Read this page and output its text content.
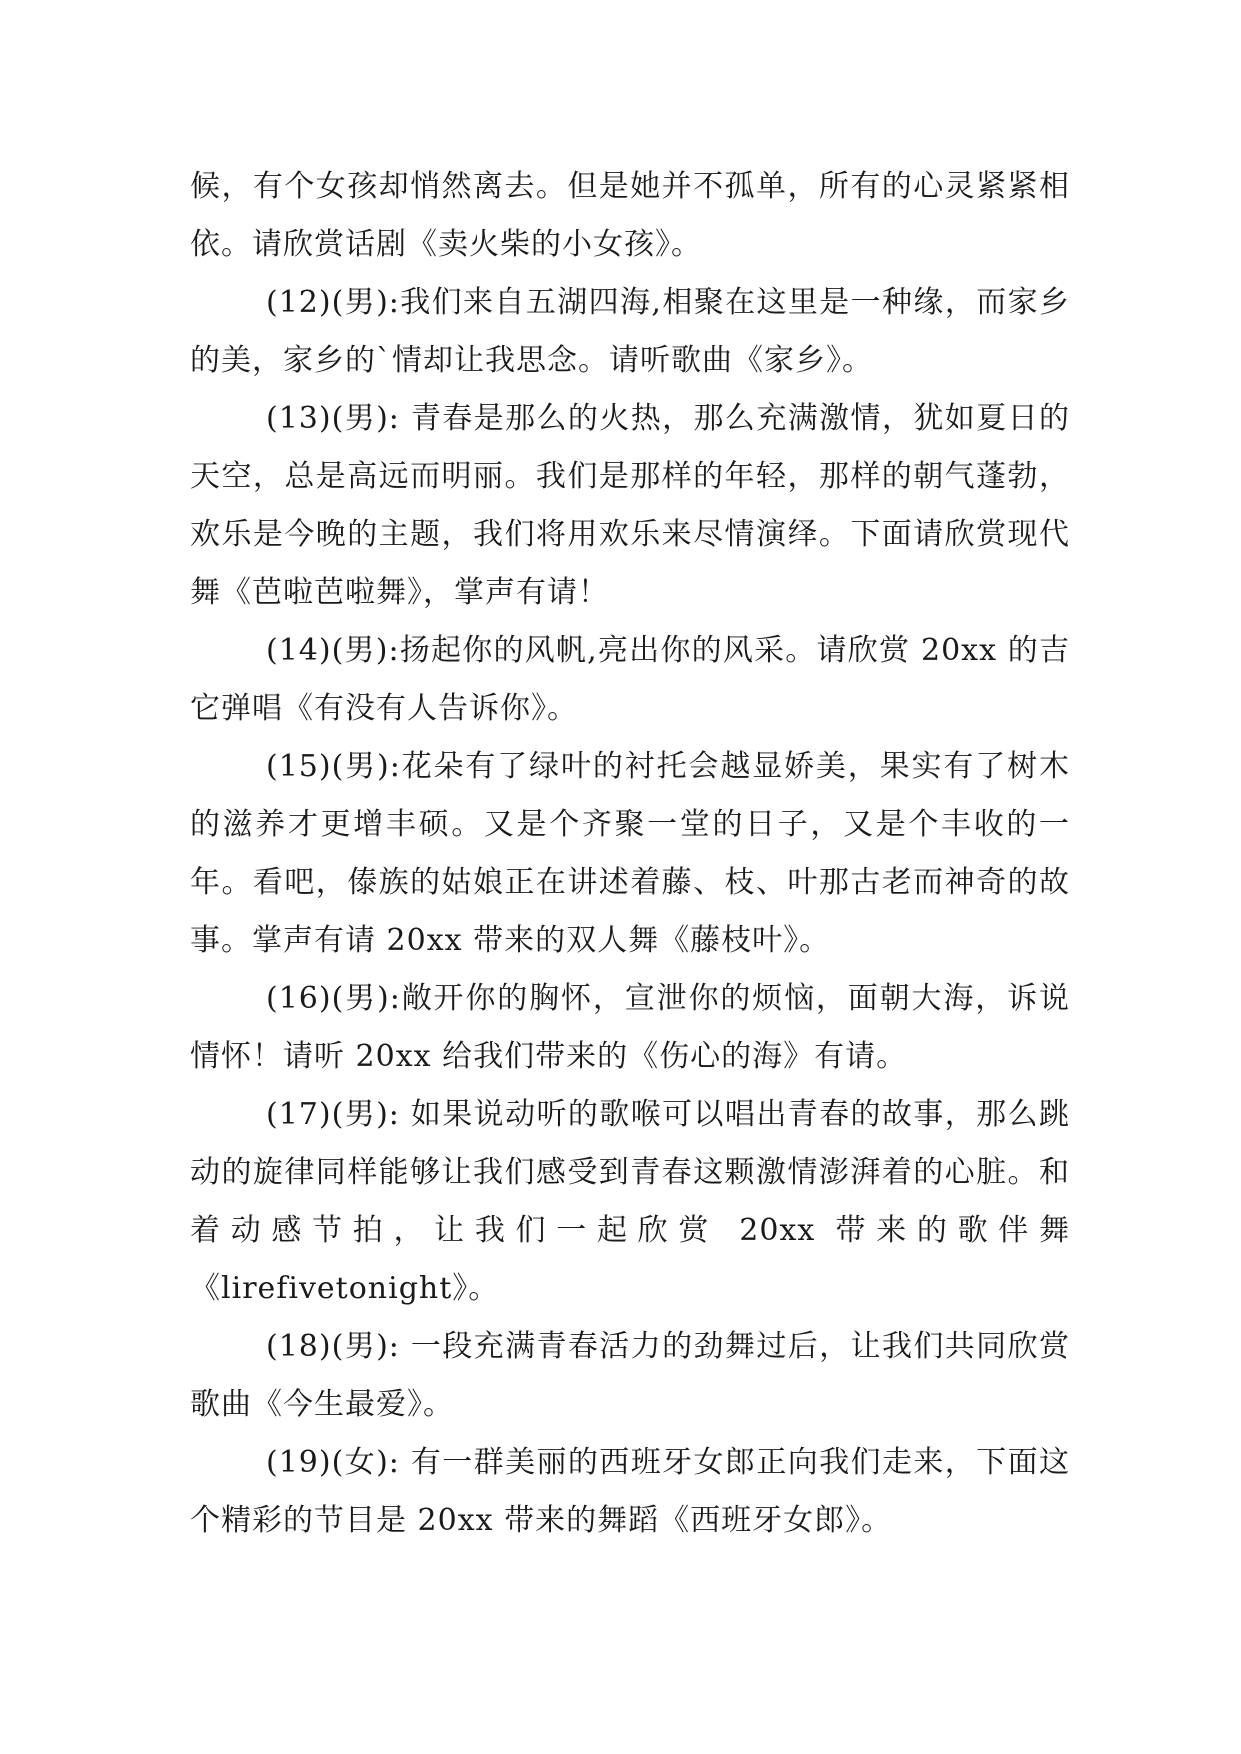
候，有个女孩却悄然离去。但是她并不孤单，所有的心灵紧紧相依。请欣赏话剧《卖火柴的小女孩》。

(12)(男):我们来自五湖四海,相聚在这里是一种缘，而家乡的美，家乡的`情却让我思念。请听歌曲《家乡》。

(13)(男): 青春是那么的火热，那么充满激情，犹如夏日的天空，总是高远而明丽。我们是那样的年轻，那样的朝气蓬勃，欢乐是今晚的主题，我们将用欢乐来尽情演绎。下面请欣赏现代舞《芭啦芭啦舞》，掌声有请！

(14)(男):扬起你的风帆,亮出你的风采。请欣赏 20xx 的吉它弹唱《有没有人告诉你》。

(15)(男):花朵有了绿叶的衬托会越显娇美，果实有了树木的滋养才更增丰硕。又是个齐聚一堂的日子，又是个丰收的一年。看吧，傣族的姑娘正在讲述着藤、枝、叶那古老而神奇的故事。掌声有请 20xx 带来的双人舞《藤枝叶》。

(16)(男):敞开你的胸怀，宣泄你的烦恼，面朝大海，诉说情怀！请听 20xx 给我们带来的《伤心的海》有请。

(17)(男): 如果说动听的歌喉可以唱出青春的故事，那么跳动的旋律同样能够让我们感受到青春这颗激情澎湃着的心脏。和着动感节拍，让我们一起欣赏 20xx 带来的歌伴舞《lirefivetonight》。

(18)(男): 一段充满青春活力的劲舞过后，让我们共同欣赏歌曲《今生最爱》。

(19)(女): 有一群美丽的西班牙女郎正向我们走来，下面这个精彩的节目是 20xx 带来的舞蹈《西班牙女郎》。
